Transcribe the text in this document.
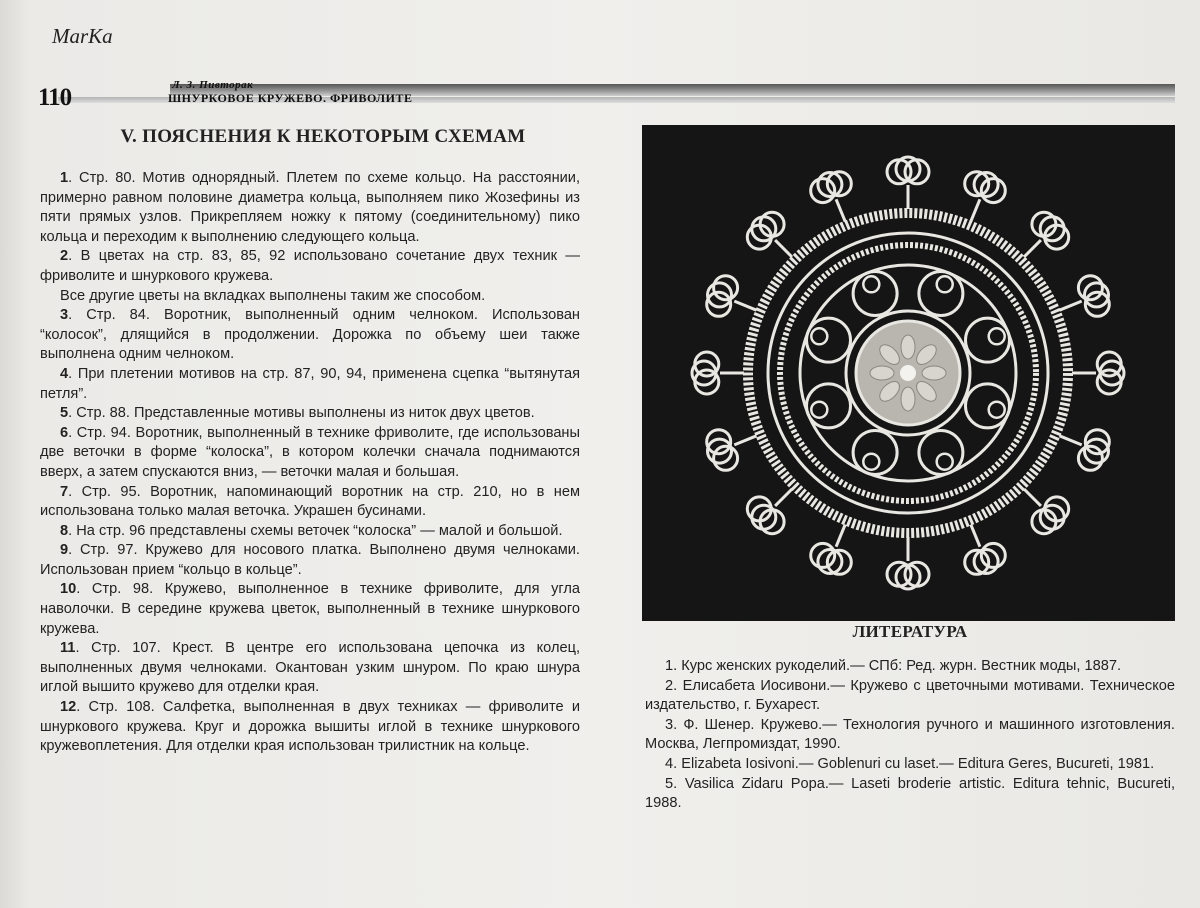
MarKa
110	Л. З. Пивторак
ШНУРКОВОЕ КРУЖЕВО. ФРИВОЛИТЕ
V. ПОЯСНЕНИЯ К НЕКОТОРЫМ СХЕМАМ

1. Стр. 80. Мотив однорядный. Плетем по схеме кольцо. На расстоянии, примерно равном половине диаметра кольца, выполняем пико Жозефины из пяти прямых узлов. Прикрепляем ножку к пятому (соединительному) пико кольца и переходим к выполнению следующего кольца.

2. В цветах на стр. 83, 85, 92 использовано сочетание двух техник — фриволите и шнуркового кружева.

Все другие цветы на вкладках выполнены таким же способом.

3. Стр. 84. Воротник, выполненный одним челноком. Использован “колосок”, длящийся в продолжении. Дорожка по объему шеи также выполнена одним челноком.

4. При плетении мотивов на стр. 87, 90, 94, применена сцепка “вытянутая петля”.

5. Стр. 88. Представленные мотивы выполнены из ниток двух цветов.

6. Стр. 94. Воротник, выполненный в технике фриволите, где использованы две веточки в форме “колоска”, в котором колечки сначала поднимаются вверх, а затем спускаются вниз, — веточки малая и большая.

7. Стр. 95. Воротник, напоминающий воротник на стр. 210, но в нем использована только малая веточка. Украшен бусинами.

8. На стр. 96 представлены схемы веточек “колоска” — малой и большой.

9. Стр. 97. Кружево для носового платка. Выполнено двумя челноками. Использован прием “кольцо в кольце”.

10. Стр. 98. Кружево, выполненное в технике фриволите, для угла наволочки. В середине кружева цветок, выполненный в технике шнуркового кружева.

11. Стр. 107. Крест. В центре его использована цепочка из колец, выполненных двумя челноками. Окантован узким шнуром. По краю шнура иглой вышито кружево для отделки края.

12. Стр. 108. Салфетка, выполненная в двух техниках — фриволите и шнуркового кружева. Круг и дорожка вышиты иглой в технике шнуркового кружевоплетения. Для отделки края использован трилистник на кольце.

ЛИТЕРАТУРА

1. Курс женских рукоделий.— СПб: Ред. журн. Вестник моды, 1887.

2. Елисабета Иосивони.— Кружево с цветочными мотивами. Техническое издательство, г. Бухарест.

3. Ф. Шенер. Кружево.— Технология ручного и машинного изготовления. Москва, Легпромиздат, 1990.

4. Elizabeta Iosivoni.— Goblenuri cu laset.— Editura Geres, Bucureti, 1981.

5. Vasilica Zidaru Popa.— Laseti broderie artistic. Editura tehnic, Bucureti, 1988.
